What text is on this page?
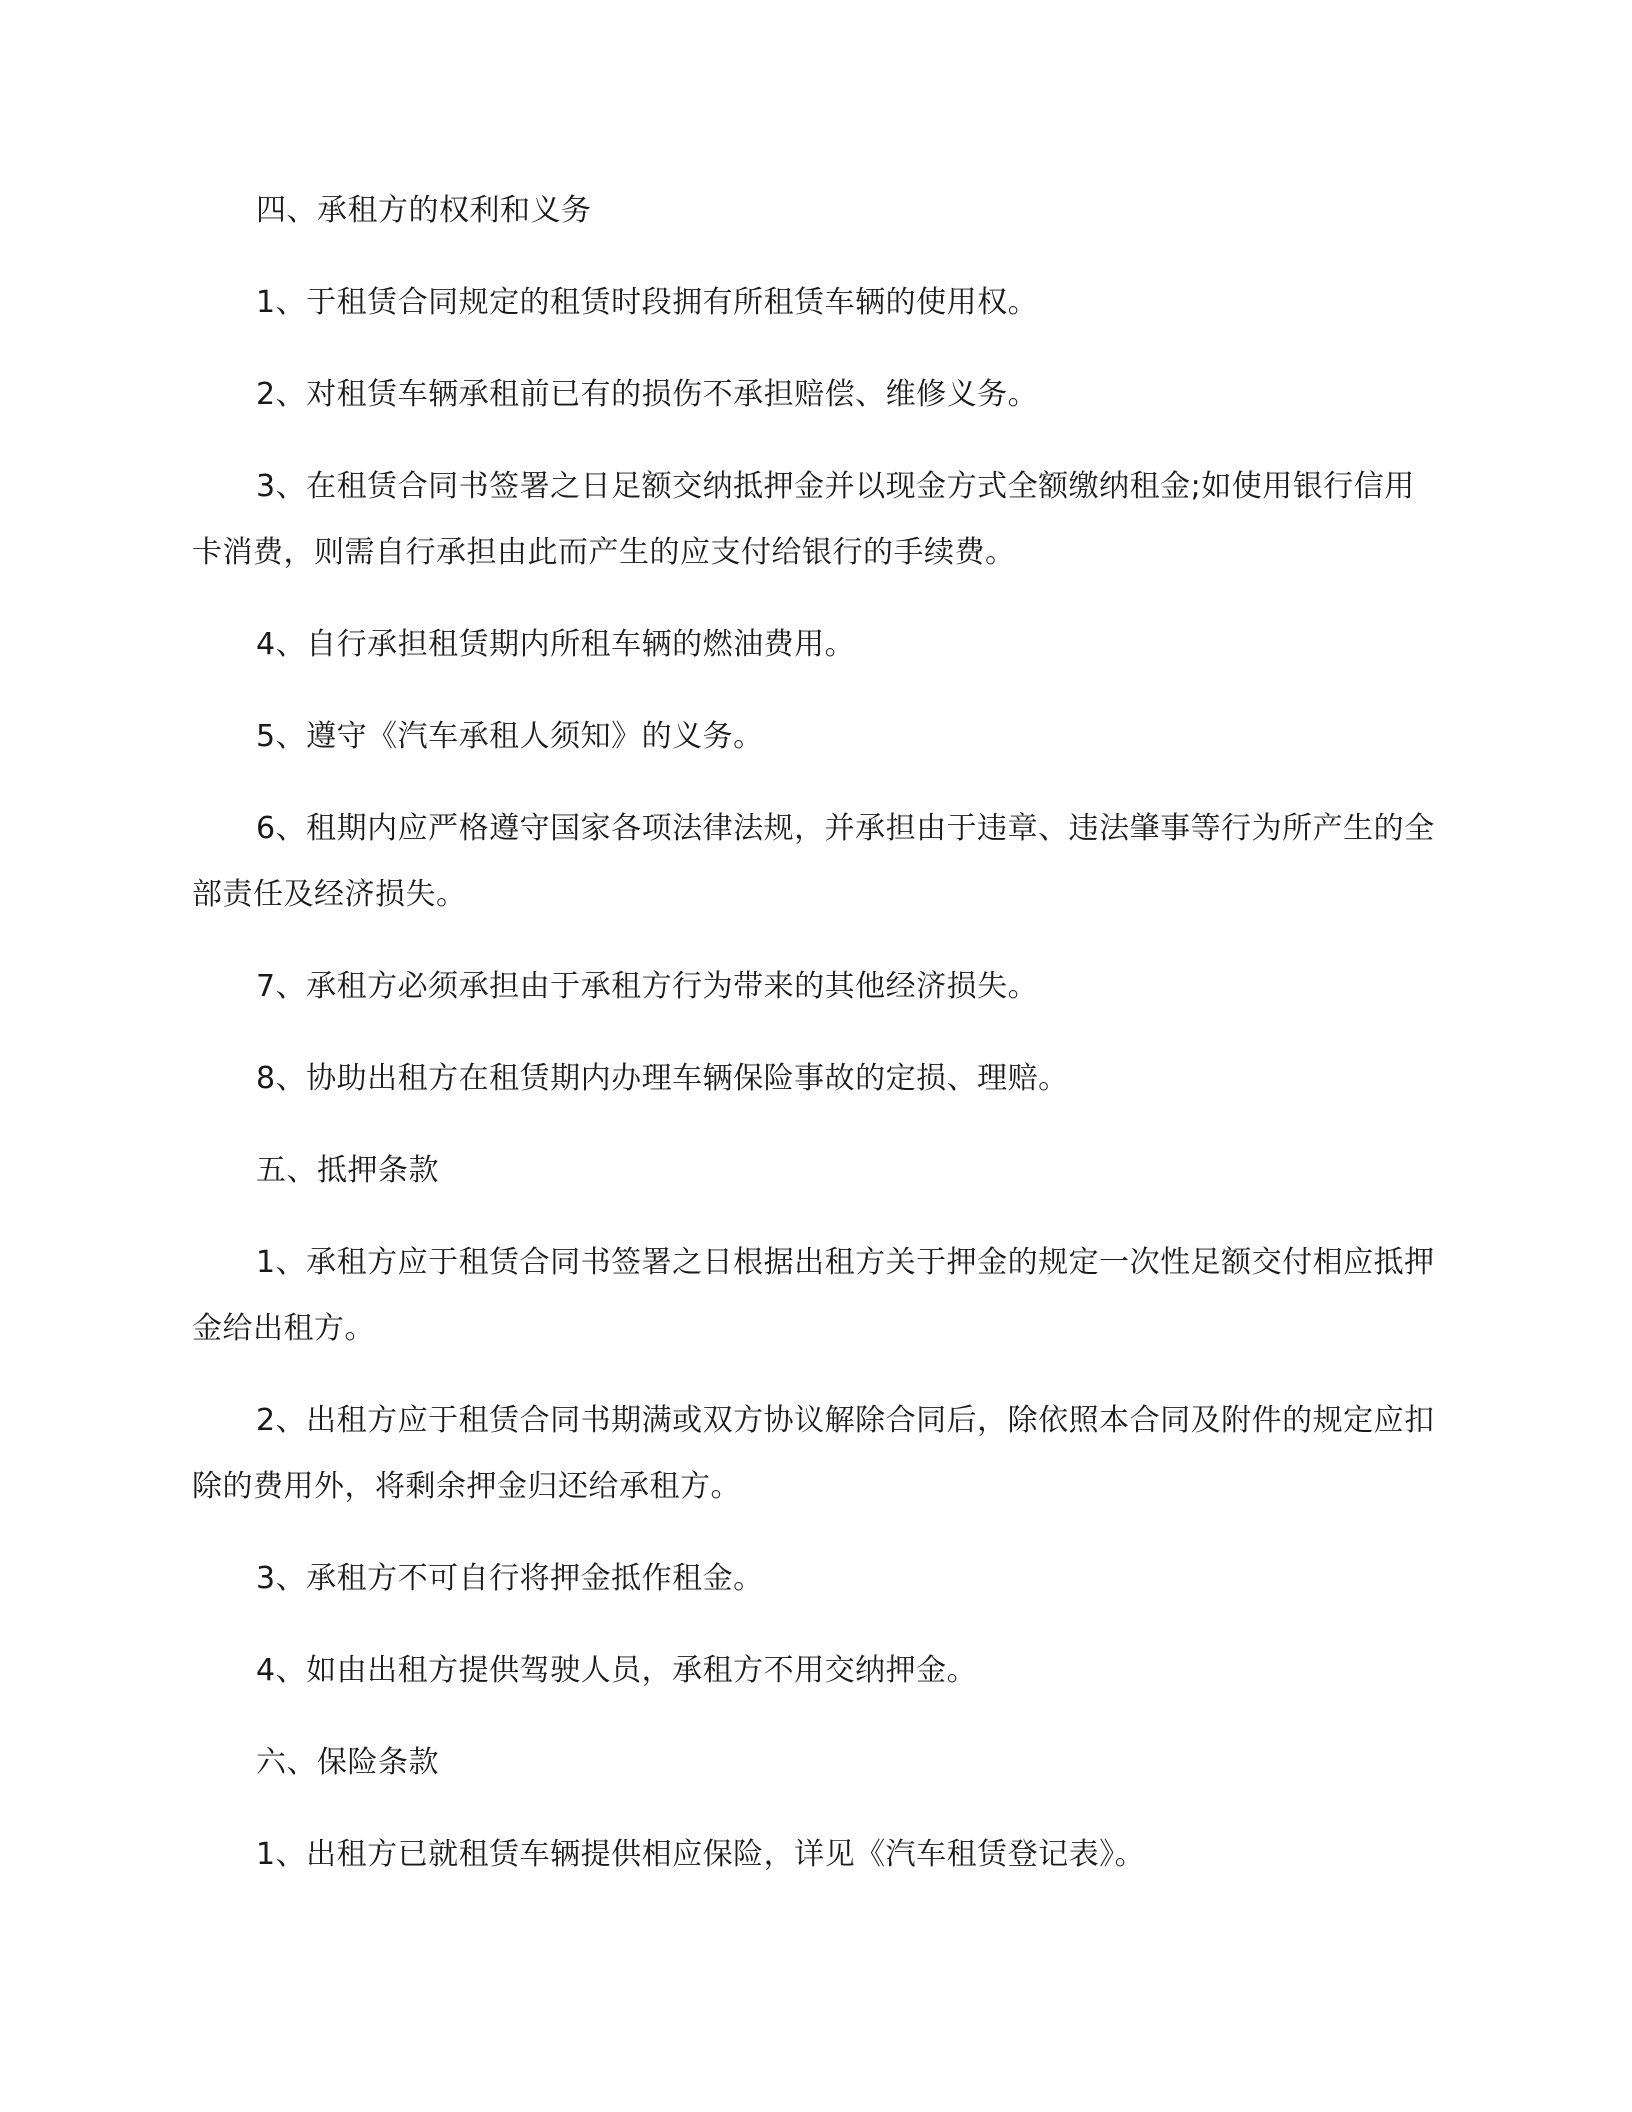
四、承租方的权利和义务

1、于租赁合同规定的租赁时段拥有所租赁车辆的使用权。

2、对租赁车辆承租前已有的损伤不承担赔偿、维修义务。

3、在租赁合同书签署之日足额交纳抵押金并以现金方式全额缴纳租金;如使用银行信用卡消费，则需自行承担由此而产生的应支付给银行的手续费。

4、自行承担租赁期内所租车辆的燃油费用。

5、遵守《汽车承租人须知》的义务。

6、租期内应严格遵守国家各项法律法规，并承担由于违章、违法肇事等行为所产生的全部责任及经济损失。

7、承租方必须承担由于承租方行为带来的其他经济损失。

8、协助出租方在租赁期内办理车辆保险事故的定损、理赔。

五、抵押条款

1、承租方应于租赁合同书签署之日根据出租方关于押金的规定一次性足额交付相应抵押金给出租方。

2、出租方应于租赁合同书期满或双方协议解除合同后，除依照本合同及附件的规定应扣除的费用外，将剩余押金归还给承租方。

3、承租方不可自行将押金抵作租金。

4、如由出租方提供驾驶人员，承租方不用交纳押金。

六、保险条款

1、出租方已就租赁车辆提供相应保险，详见《汽车租赁登记表》。
